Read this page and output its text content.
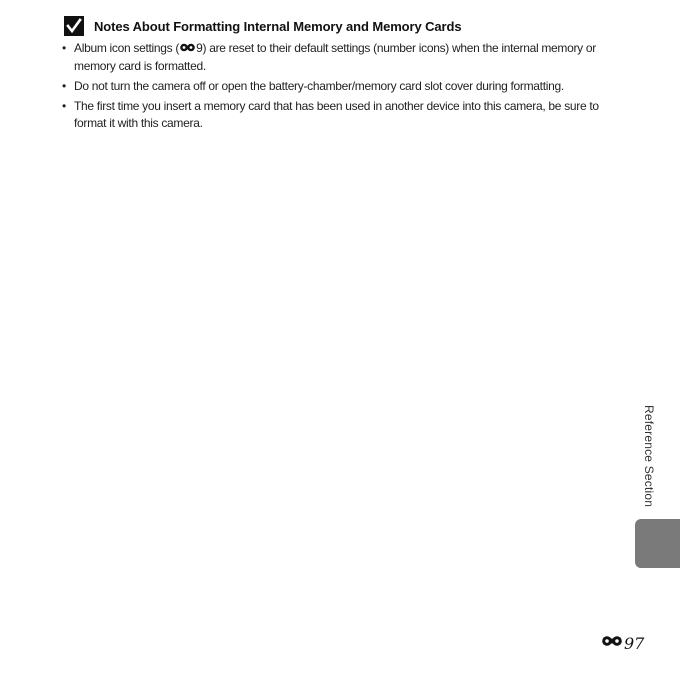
Notes About Formatting Internal Memory and Memory Cards
• Album icon settings ( 9) are reset to their default settings (number icons) when the internal memory or memory card is formatted.
• Do not turn the camera off or open the battery-chamber/memory card slot cover during formatting.
• The first time you insert a memory card that has been used in another device into this camera, be sure to format it with this camera.
Reference Section
97
